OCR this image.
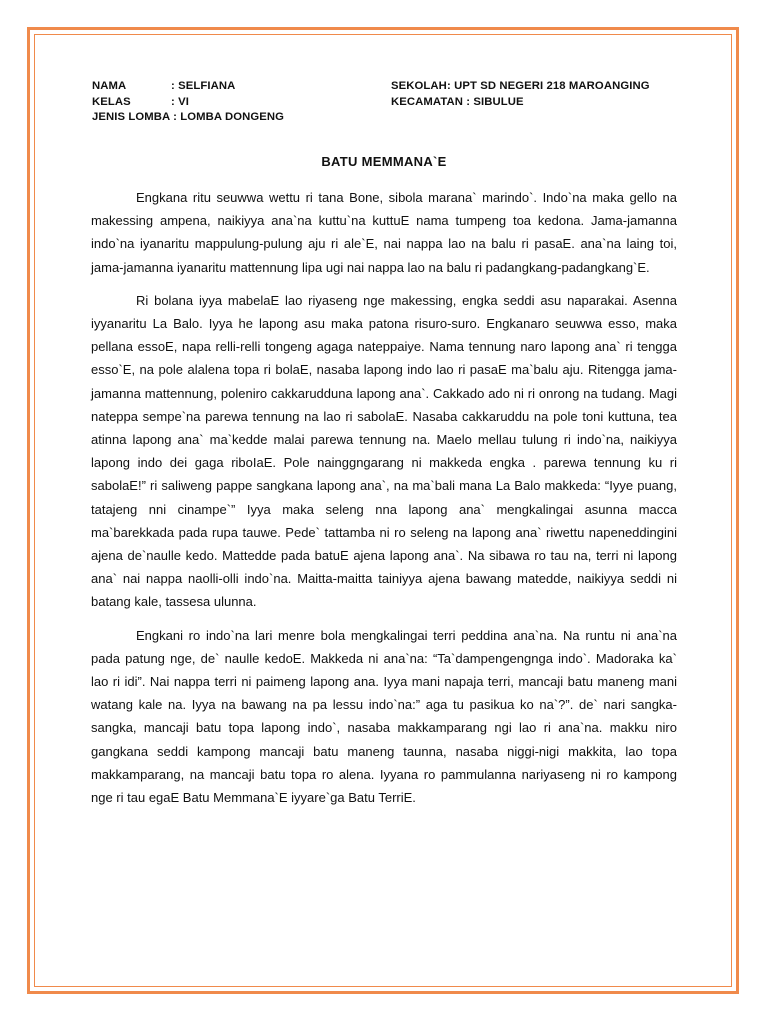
NAMA	: SELFIANA	SEKOLAH : UPT SD NEGERI 218 MAROANGING
KELAS	: VI	KECAMATAN : SIBULUE
JENIS LOMBA : LOMBA DONGENG
BATU MEMMANA`E

Engkana ritu seuwwa wettu ri tana Bone, sibola marana` marindo`. Indo`na maka gello na makessing ampena, naikiyya ana`na kuttu`na kuttuE nama tumpeng toa kedona. Jama-jamanna indo`na iyanaritu mappulung-pulung aju ri ale`E, nai nappa lao na balu ri pasaE. ana`na laing toi, jama-jamanna iyanaritu mattennung lipa ugi nai nappa lao na balu ri padangkang-padangkang`E.

Ri bolana iyya mabelaE lao riyaseng nge makessing, engka seddi asu naparakai. Asenna iyyanaritu La Balo. Iyya he lapong asu maka patona risuro-suro. Engkanaro seuwwa esso, maka pellana essoE, napa relli-relli tongeng agaga nateppaiye. Nama tennung naro lapong ana` ri tengga esso`E, na pole alalena topa ri bolaE, nasaba lapong indo lao ri pasaE ma`balu aju. Ritengga jama-jamanna mattennung, poleniro cakkarudduna lapong ana`. Cakkado ado ni ri onrong na tudang. Magi nateppa sempe`na parewa tennung na lao ri sabolaE. Nasaba cakkaruddu na pole toni kuttuna, tea atinna lapong ana` ma`kedde malai parewa tennung na. Maelo mellau tulung ri indo`na, naikiyya lapong indo dei gaga riboIaE. Pole nainggngarang ni makkeda engka . parewa tennung ku ri sabolaE!” ri saliweng pappe sangkana lapong ana`, na ma`bali mana La Balo makkeda: “Iyye puang, tatajeng nni cinampe`” Iyya maka seleng nna lapong ana` mengkalingai asunna macca ma`barekkada pada rupa tauwe. Pede` tattamba ni ro seleng na lapong ana` riwettu napeneddingini ajena de`naulle kedo. Mattedde pada batuE ajena lapong ana`. Na sibawa ro tau na, terri ni lapong ana` nai nappa naolli-olli indo`na. Maitta-maitta tainiyya ajena bawang matedde, naikiyya seddi ni batang kale, tassesa ulunna.

Engkani ro indo`na lari menre bola mengkalingai terri peddina ana`na. Na runtu ni ana`na pada patung nge, de` naulle kedoE. Makkeda ni ana`na: “Ta`dampengengnga indo`. Madoraka ka` lao ri idi”. Nai nappa terri ni paimeng lapong ana. Iyya mani napaja terri, mancaji batu maneng mani watang kale na. Iyya na bawang na pa lessu indo`na:” aga tu pasikua ko na`?”. de` nari sangka-sangka, mancaji batu topa lapong indo`, nasaba makkamparang ngi lao ri ana`na. makku niro gangkana seddi kampong mancaji batu maneng taunna, nasaba niggi-nigi makkita, lao topa makkamparang, na mancaji batu topa ro alena. Iyyana ro pammulanna nariyaseng ni ro kampong nge ri tau egaE Batu Memmana`E iyyare`ga Batu TerriE.
